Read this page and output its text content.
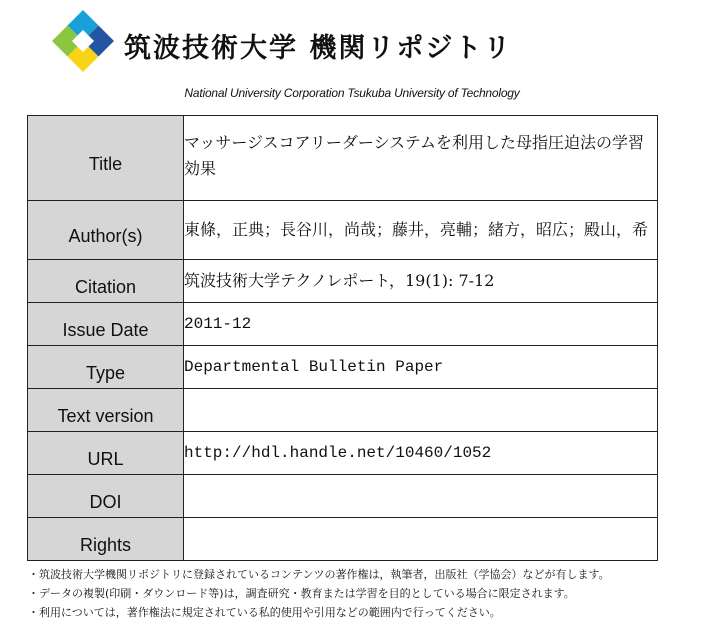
筑波技術大学 機関リポジトリ
National University Corporation Tsukuba University of Technology
Title	マッサージスコアリーダーシステムを利用した母指圧迫法の学習効果
Author(s)	東條，正典；長谷川，尚哉；藤井，亮輔；緒方，昭広；殿山，希
Citation	筑波技術大学テクノレポート，19(1): 7-12
Issue Date	2011-12
Type	Departmental Bulletin Paper
Text version	
URL	http://hdl.handle.net/10460/1052
DOI	
Rights	
・筑波技術大学機関リポジトリに登録されているコンテンツの著作権は，執筆者，出版社（学協会）などが有します。
・データの複製(印刷・ダウンロード等)は，調査研究・教育または学習を目的としている場合に限定されます。
・利用については，著作権法に規定されている私的使用や引用などの範囲内で行ってください。
